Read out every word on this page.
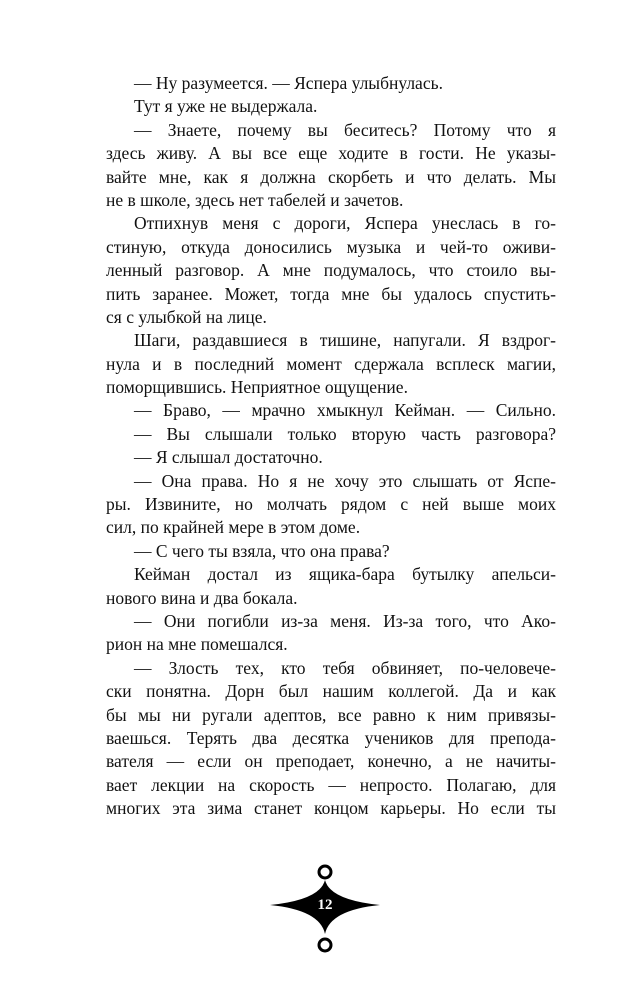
— Ну разумеется. — Яспера улыбнулась.
Тут я уже не выдержала.
— Знаете, почему вы беситесь? Потому что я
здесь живу. А вы все еще ходите в гости. Не указы-
вайте мне, как я должна скорбеть и что делать. Мы
не в школе, здесь нет табелей и зачетов.
Отпихнув меня с дороги, Яспера унеслась в го-
стиную, откуда доносились музыка и чей-то оживи-
ленный разговор. А мне подумалось, что стоило вы-
пить заранее. Может, тогда мне бы удалось спустить-
ся с улыбкой на лице.
Шаги, раздавшиеся в тишине, напугали. Я вздрог-
нула и в последний момент сдержала всплеск магии,
поморщившись. Неприятное ощущение.
— Браво, — мрачно хмыкнул Кейман. — Сильно.
— Вы слышали только вторую часть разговора?
— Я слышал достаточно.
— Она права. Но я не хочу это слышать от Яспе-
ры. Извините, но молчать рядом с ней выше моих
сил, по крайней мере в этом доме.
— С чего ты взяла, что она права?
Кейман достал из ящика-бара бутылку апельси-
нового вина и два бокала.
— Они погибли из-за меня. Из-за того, что Ако-
рион на мне помешался.
— Злость тех, кто тебя обвиняет, по-человече-
ски понятна. Дорн был нашим коллегой. Да и как
бы мы ни ругали адептов, все равно к ним привязы-
ваешься. Терять два десятка учеников для препода-
вателя — если он преподает, конечно, а не начиты-
вает лекции на скорость — непросто. Полагаю, для
многих эта зима станет концом карьеры. Но если ты
12
